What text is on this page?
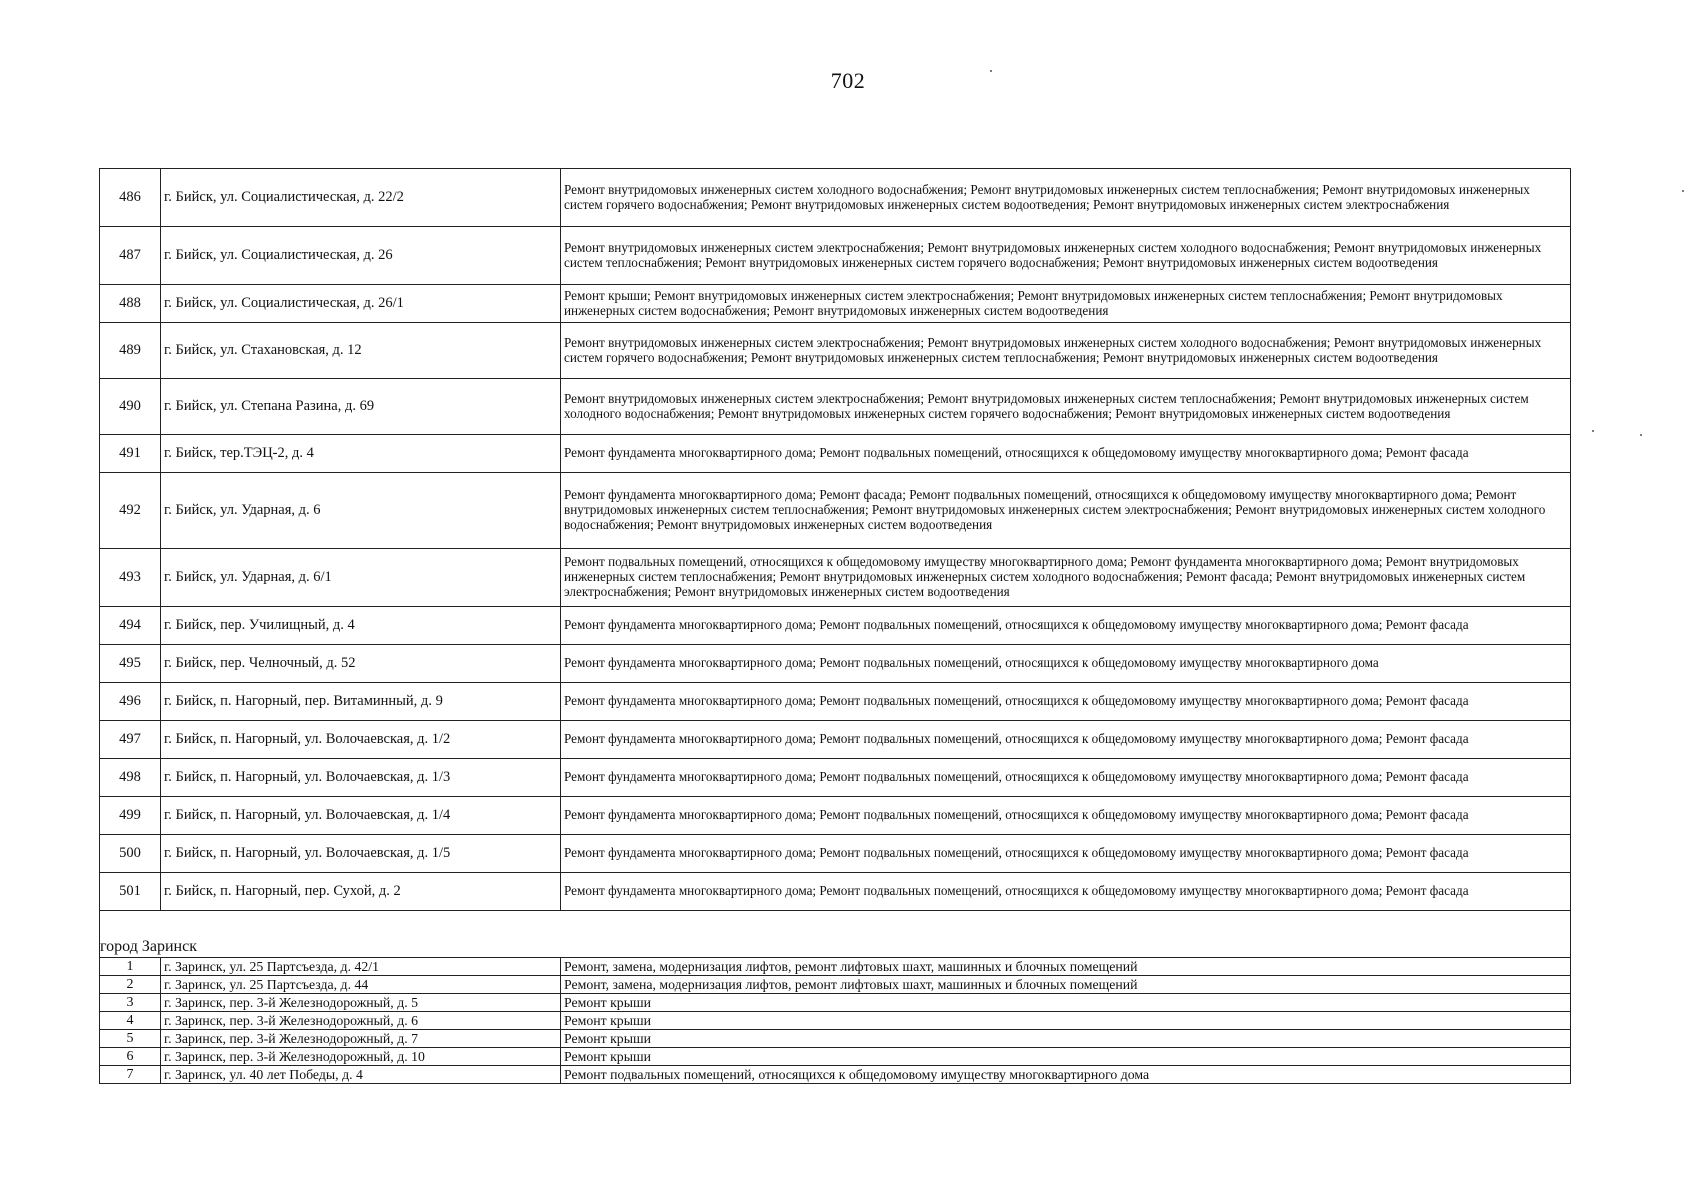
702
486	г. Бийск, ул. Социалистическая, д. 22/2	Ремонт внутридомовых инженерных систем холодного водоснабжения; Ремонт внутридомовых инженерных систем теплоснабжения; Ремонт внутридомовых инженерных систем горячего водоснабжения; Ремонт внутридомовых инженерных систем водоотведения; Ремонт внутридомовых инженерных систем электроснабжения
487	г. Бийск, ул. Социалистическая, д. 26	Ремонт внутридомовых инженерных систем электроснабжения; Ремонт внутридомовых инженерных систем холодного водоснабжения; Ремонт внутридомовых инженерных систем теплоснабжения; Ремонт внутридомовых инженерных систем горячего водоснабжения; Ремонт внутридомовых инженерных систем водоотведения
488	г. Бийск, ул. Социалистическая, д. 26/1	Ремонт крыши; Ремонт внутридомовых инженерных систем электроснабжения; Ремонт внутридомовых инженерных систем теплоснабжения; Ремонт внутридомовых инженерных систем водоснабжения; Ремонт внутридомовых инженерных систем водоотведения
489	г. Бийск, ул. Стахановская, д. 12	Ремонт внутридомовых инженерных систем электроснабжения; Ремонт внутридомовых инженерных систем холодного водоснабжения; Ремонт внутридомовых инженерных систем горячего водоснабжения; Ремонт внутридомовых инженерных систем теплоснабжения; Ремонт внутридомовых инженерных систем водоотведения
490	г. Бийск, ул. Степана Разина, д. 69	Ремонт внутридомовых инженерных систем электроснабжения; Ремонт внутридомовых инженерных систем теплоснабжения; Ремонт внутридомовых инженерных систем холодного водоснабжения; Ремонт внутридомовых инженерных систем горячего водоснабжения; Ремонт внутридомовых инженерных систем водоотведения
491	г. Бийск, тер.ТЭЦ-2, д. 4	Ремонт фундамента многоквартирного дома; Ремонт подвальных помещений, относящихся к общедомовому имуществу многоквартирного дома; Ремонт фасада
492	г. Бийск, ул. Ударная, д. 6	Ремонт фундамента многоквартирного дома; Ремонт фасада; Ремонт подвальных помещений, относящихся к общедомовому имуществу многоквартирного дома; Ремонт внутридомовых инженерных систем теплоснабжения; Ремонт внутридомовых инженерных систем электроснабжения; Ремонт внутридомовых инженерных систем холодного водоснабжения; Ремонт внутридомовых инженерных систем водоотведения
493	г. Бийск, ул. Ударная, д. 6/1	Ремонт подвальных помещений, относящихся к общедомовому имуществу многоквартирного дома; Ремонт фундамента многоквартирного дома; Ремонт внутридомовых инженерных систем теплоснабжения; Ремонт внутридомовых инженерных систем холодного водоснабжения; Ремонт фасада; Ремонт внутридомовых инженерных систем электроснабжения; Ремонт внутридомовых инженерных систем водоотведения
494	г. Бийск, пер. Училищный, д. 4	Ремонт фундамента многоквартирного дома; Ремонт подвальных помещений, относящихся к общедомовому имуществу многоквартирного дома; Ремонт фасада
495	г. Бийск, пер. Челночный, д. 52	Ремонт фундамента многоквартирного дома; Ремонт подвальных помещений, относящихся к общедомовому имуществу многоквартирного дома
496	г. Бийск, п. Нагорный, пер. Витаминный, д. 9	Ремонт фундамента многоквартирного дома; Ремонт подвальных помещений, относящихся к общедомовому имуществу многоквартирного дома; Ремонт фасада
497	г. Бийск, п. Нагорный, ул. Волочаевская, д. 1/2	Ремонт фундамента многоквартирного дома; Ремонт подвальных помещений, относящихся к общедомовому имуществу многоквартирного дома; Ремонт фасада
498	г. Бийск, п. Нагорный, ул. Волочаевская, д. 1/3	Ремонт фундамента многоквартирного дома; Ремонт подвальных помещений, относящихся к общедомовому имуществу многоквартирного дома; Ремонт фасада
499	г. Бийск, п. Нагорный, ул. Волочаевская, д. 1/4	Ремонт фундамента многоквартирного дома; Ремонт подвальных помещений, относящихся к общедомовому имуществу многоквартирного дома; Ремонт фасада
500	г. Бийск, п. Нагорный, ул. Волочаевская, д. 1/5	Ремонт фундамента многоквартирного дома; Ремонт подвальных помещений, относящихся к общедомовому имуществу многоквартирного дома; Ремонт фасада
501	г. Бийск, п. Нагорный, пер. Сухой, д. 2	Ремонт фундамента многоквартирного дома; Ремонт подвальных помещений, относящихся к общедомовому имуществу многоквартирного дома; Ремонт фасада
город Заринск		
1	г. Заринск, ул. 25 Партсъезда, д. 42/1	Ремонт, замена, модернизация лифтов, ремонт лифтовых шахт, машинных и блочных помещений
2	г. Заринск, ул. 25 Партсъезда, д. 44	Ремонт, замена, модернизация лифтов, ремонт лифтовых шахт, машинных и блочных помещений
3	г. Заринск, пер. 3-й Железнодорожный, д. 5	Ремонт крыши
4	г. Заринск, пер. 3-й Железнодорожный, д. 6	Ремонт крыши
5	г. Заринск, пер. 3-й Железнодорожный, д. 7	Ремонт крыши
6	г. Заринск, пер. 3-й Железнодорожный, д. 10	Ремонт крыши
7	г. Заринск, ул. 40 лет Победы, д. 4	Ремонт подвальных помещений, относящихся к общедомовому имуществу многоквартирного дома
